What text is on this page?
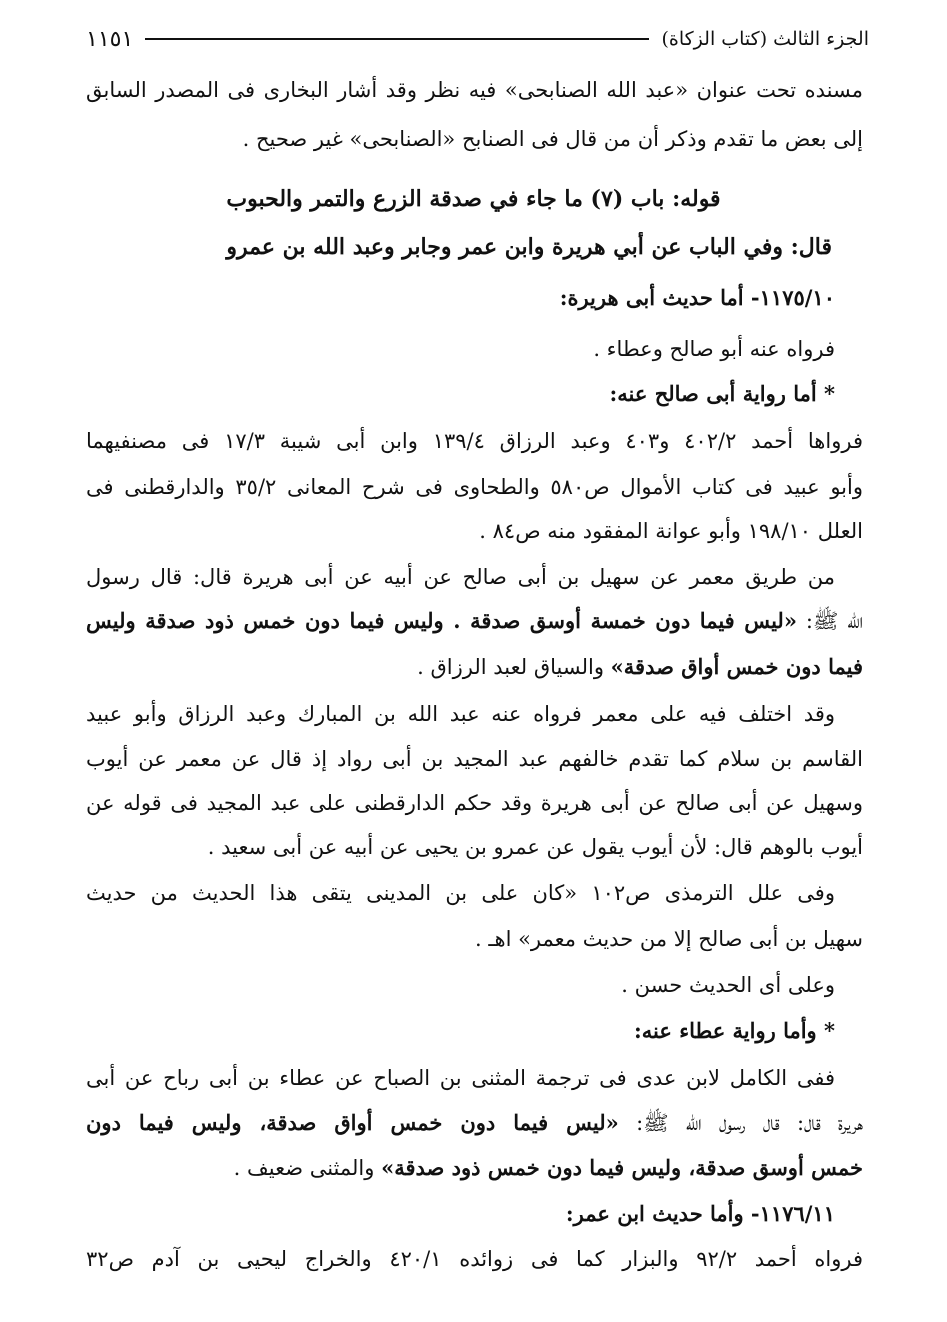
الجزء الثالث (كتاب الزكاة)
١١٥١
مسنده تحت عنوان «عبد الله الصنابحى» فيه نظر وقد أشار البخارى فى المصدر السابق
إلى بعض ما تقدم وذكر أن من قال فى الصنابح «الصنابحى» غير صحيح .
قوله: باب (٧) ما جاء في صدقة الزرع والتمر والحبوب
قال: وفي الباب عن أبي هريرة وابن عمر وجابر وعبد الله بن عمرو
١١٧٥/١٠- أما حديث أبى هريرة:
فرواه عنه أبو صالح وعطاء .
* أما رواية أبى صالح عنه:
فرواها أحمد ٤٠٢/٢ و٤٠٣ وعبد الرزاق ١٣٩/٤ وابن أبى شيبة ١٧/٣ فى مصنفيهما
وأبو عبيد فى كتاب الأموال ص٥٨٠ والطحاوى فى شرح المعانى ٣٥/٢ والدارقطنى فى
العلل ١٩٨/١٠ وأبو عوانة المفقود منه ص٨٤ .
من طريق معمر عن سهيل بن أبى صالح عن أبيه عن أبى هريرة قال: قال رسول
الله ﷺ: «ليس فيما دون خمسة أوسق صدقة . وليس فيما دون خمس ذود صدقة وليس
فيما دون خمس أواق صدقة» والسياق لعبد الرزاق .
وقد اختلف فيه على معمر فرواه عنه عبد الله بن المبارك وعبد الرزاق وأبو عبيد
القاسم بن سلام كما تقدم خالفهم عبد المجيد بن أبى رواد إذ قال عن معمر عن أيوب
وسهيل عن أبى صالح عن أبى هريرة وقد حكم الدارقطنى على عبد المجيد فى قوله عن
أيوب بالوهم قال: لأن أيوب يقول عن عمرو بن يحيى عن أبيه عن أبى سعيد .
وفى علل الترمذى ص١٠٢ «كان على بن المدينى يتقى هذا الحديث من حديث
سهيل بن أبى صالح إلا من حديث معمر» اهـ .
وعلى أى الحديث حسن .
* وأما رواية عطاء عنه:
ففى الكامل لابن عدى فى ترجمة المثنى بن الصباح عن عطاء بن أبى رباح عن أبى
هريرة قال: قال رسول الله ﷺ: «ليس فيما دون خمس أواق صدقة، وليس فيما دون
خمس أوسق صدقة، وليس فيما دون خمس ذود صدقة» والمثنى ضعيف .
١١٧٦/١١- وأما حديث ابن عمر:
فرواه أحمد ٩٢/٢ والبزار كما فى زوائده ٤٢٠/١ والخراج ليحيى بن آدم ص٣٢
